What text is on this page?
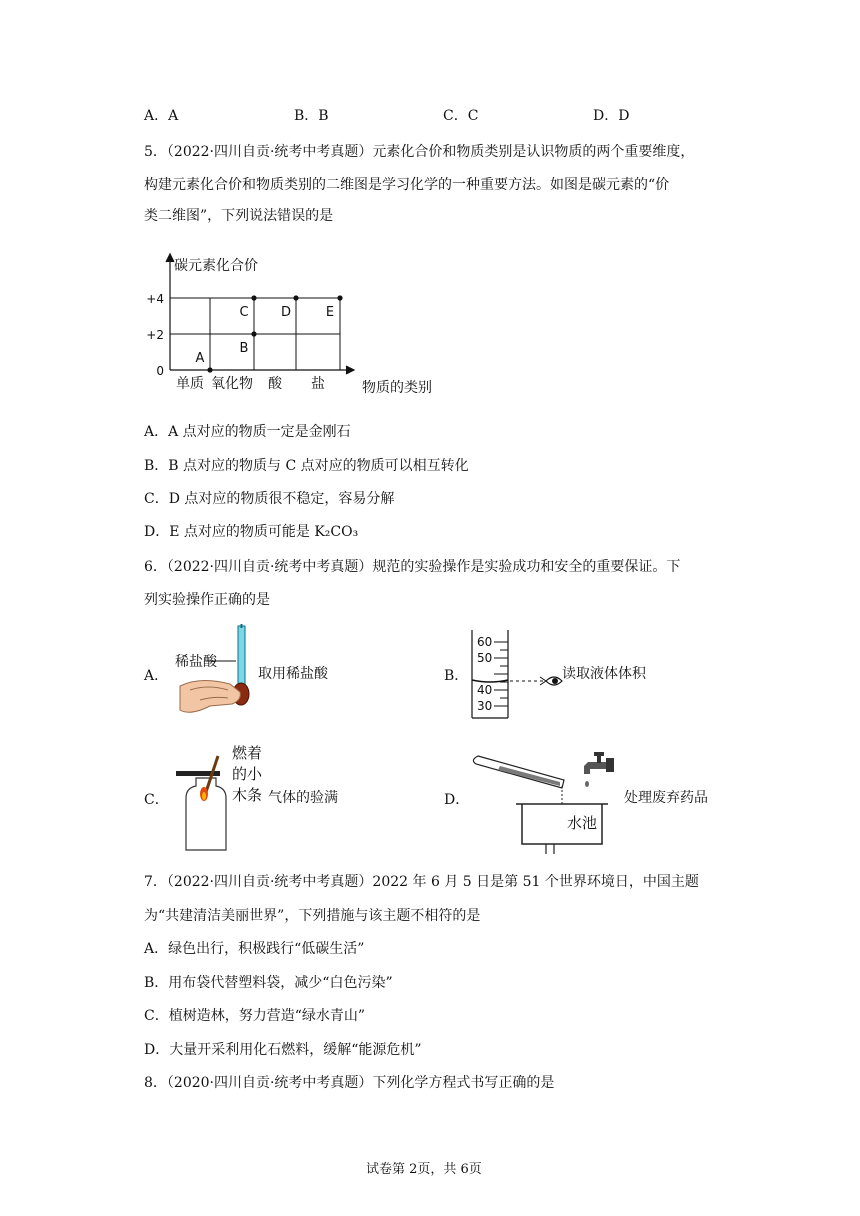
A．A	B．B	C．C	D．D
5．（2022·四川自贡·统考中考真题）元素化合价和物质类别是认识物质的两个重要维度，
构建元素化合价和物质类别的二维图是学习化学的一种重要方法。如图是碳元素的“价
类二维图”，下列说法错误的是
0
+2
+4
单质 氧化物 酸 盐
A
B
C D	E
碳元素化合价
物质的类别
A．A 点对应的物质一定是金刚石
B．B 点对应的物质与 C 点对应的物质可以相互转化
C．D 点对应的物质很不稳定，容易分解
D．E 点对应的物质可能是 K₂CO₃
6．（2022·四川自贡·统考中考真题）规范的实验操作是实验成功和安全的重要保证。下
列实验操作正确的是
A．
稀盐酸
取用稀盐酸	B．
60
50
40
30
读取液体体积
C．
燃着
的小
木条 气体的验满	D．
水池
处理废弃药品
7．（2022·四川自贡·统考中考真题）2022 年 6 月 5 日是第 51 个世界环境日，中国主题
为“共建清洁美丽世界”，下列措施与该主题不相符的是
A．绿色出行，积极践行“低碳生活”
B．用布袋代替塑料袋，减少“白色污染”
C．植树造林，努力营造“绿水青山”
D．大量开采利用化石燃料，缓解“能源危机”
8．（2020·四川自贡·统考中考真题）下列化学方程式书写正确的是
试卷第 2页，共 6页
